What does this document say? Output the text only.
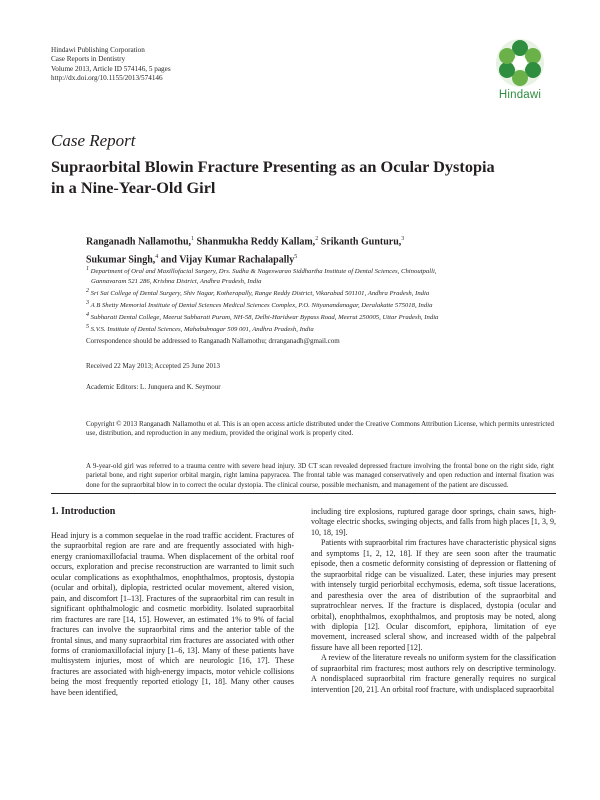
Hindawi Publishing Corporation
Case Reports in Dentistry
Volume 2013, Article ID 574146, 5 pages
http://dx.doi.org/10.1155/2013/574146
Hindawi
Case Report
Supraorbital Blowin Fracture Presenting as an Ocular Dystopia in a Nine-Year-Old Girl
Ranganadh Nallamothu,$^1$ Shanmukha Reddy Kallam,$^2$ Srikanth Gunturu,$^3$
Sukumar Singh,$^4$ and Vijay Kumar Rachalapally$^5$
$^1$ Department of Oral and Maxillofacial Surgery, Drs. Sudha & Nageswarao Siddhartha Institute of Dental Sciences, Chinoutpalli,
Gannavaram 521 286, Krishna District, Andhra Pradesh, India
$^2$ Sri Sai College of Dental Surgery, Shiv Nagar, Kotherapally, Range Reddy District, Vikarabad 501101, Andhra Pradesh, India
$^3$ A B Shetty Memorial Institute of Dental Sciences Medical Sciences Complex, P.O. Nityanandanagar, Deralakatte 575018, India
$^4$ Subharati Dental College, Meerut Subharati Puram, NH-58, Delhi-Haridwar Bypass Road, Meerut 250005, Uttar Pradesh, India
$^5$ S.V.S. Institute of Dental Sciences, Mahabubnagar 509 001, Andhra Pradesh, India
Correspondence should be addressed to Ranganadh Nallamothu; drranganadh@gmail.com
Received 22 May 2013; Accepted 25 June 2013
Academic Editors: L. Junquera and K. Seymour
Copyright © 2013 Ranganadh Nallamothu et al. This is an open access article distributed under the Creative Commons Attribution License, which permits unrestricted use, distribution, and reproduction in any medium, provided the original work is properly cited.
A 9-year-old girl was referred to a trauma centre with severe head injury. 3D CT scan revealed depressed fracture involving the frontal bone on the right side, right parietal bone, and right superior orbital margin, right lamina papyracea. The frontal table was managed conservatively and open reduction and internal fixation was done for the supraorbital blow in to correct the ocular dystopia. The clinical course, possible mechanism, and management of the patient are discussed.
1. Introduction

Head injury is a common sequelae in the road traffic accident. Fractures of the supraorbital region are rare and are frequently associated with high-energy craniomaxillofacial trauma. When displacement of the orbital roof occurs, exploration and precise reconstruction are warranted to limit such ocular complications as exophthalmos, enophthalmos, proptosis, dystopia (ocular and orbital), diplopia, restricted ocular movement, altered vision, pain, and discomfort [1–13]. Fractures of the supraorbital rim can result in significant ophthalmologic and cosmetic morbidity. Isolated supraorbital rim fractures are rare [14, 15]. However, an estimated 1% to 9% of facial fractures can involve the supraorbital rims and the anterior table of the frontal sinus, and many supraorbital rim fractures are associated with other forms of craniomaxillofacial injury [1–6, 13]. Many of these patients have multisystem injuries, most of which are neurologic [16, 17]. These fractures are associated with high-energy impacts, motor vehicle collisions being the most frequently reported etiology [1, 18]. Many other causes have been identified,

including tire explosions, ruptured garage door springs, chain saws, high-voltage electric shocks, swinging objects, and falls from high places [1, 3, 9, 10, 18, 19].

Patients with supraorbital rim fractures have characteristic physical signs and symptoms [1, 2, 12, 18]. If they are seen soon after the traumatic episode, then a cosmetic deformity consisting of depression or flattening of the supraorbital ridge can be visualized. Later, these injuries may present with intensely turgid periorbital ecchymosis, edema, soft tissue lacerations, and paresthesia over the area of distribution of the supraorbital and supratrochlear nerves. If the fracture is displaced, dystopia (ocular and orbital), enophthalmos, exophthalmos, and proptosis may be noted, along with diplopia [12]. Ocular discomfort, epiphora, limitation of eye movement, increased scleral show, and increased width of the palpebral fissure have all been reported [12].

A review of the literature reveals no uniform system for the classification of supraorbital rim fractures; most authors rely on descriptive terminology. A nondisplaced supraorbital rim fracture generally requires no surgical intervention [20, 21]. An orbital roof fracture, with undisplaced supraorbital
